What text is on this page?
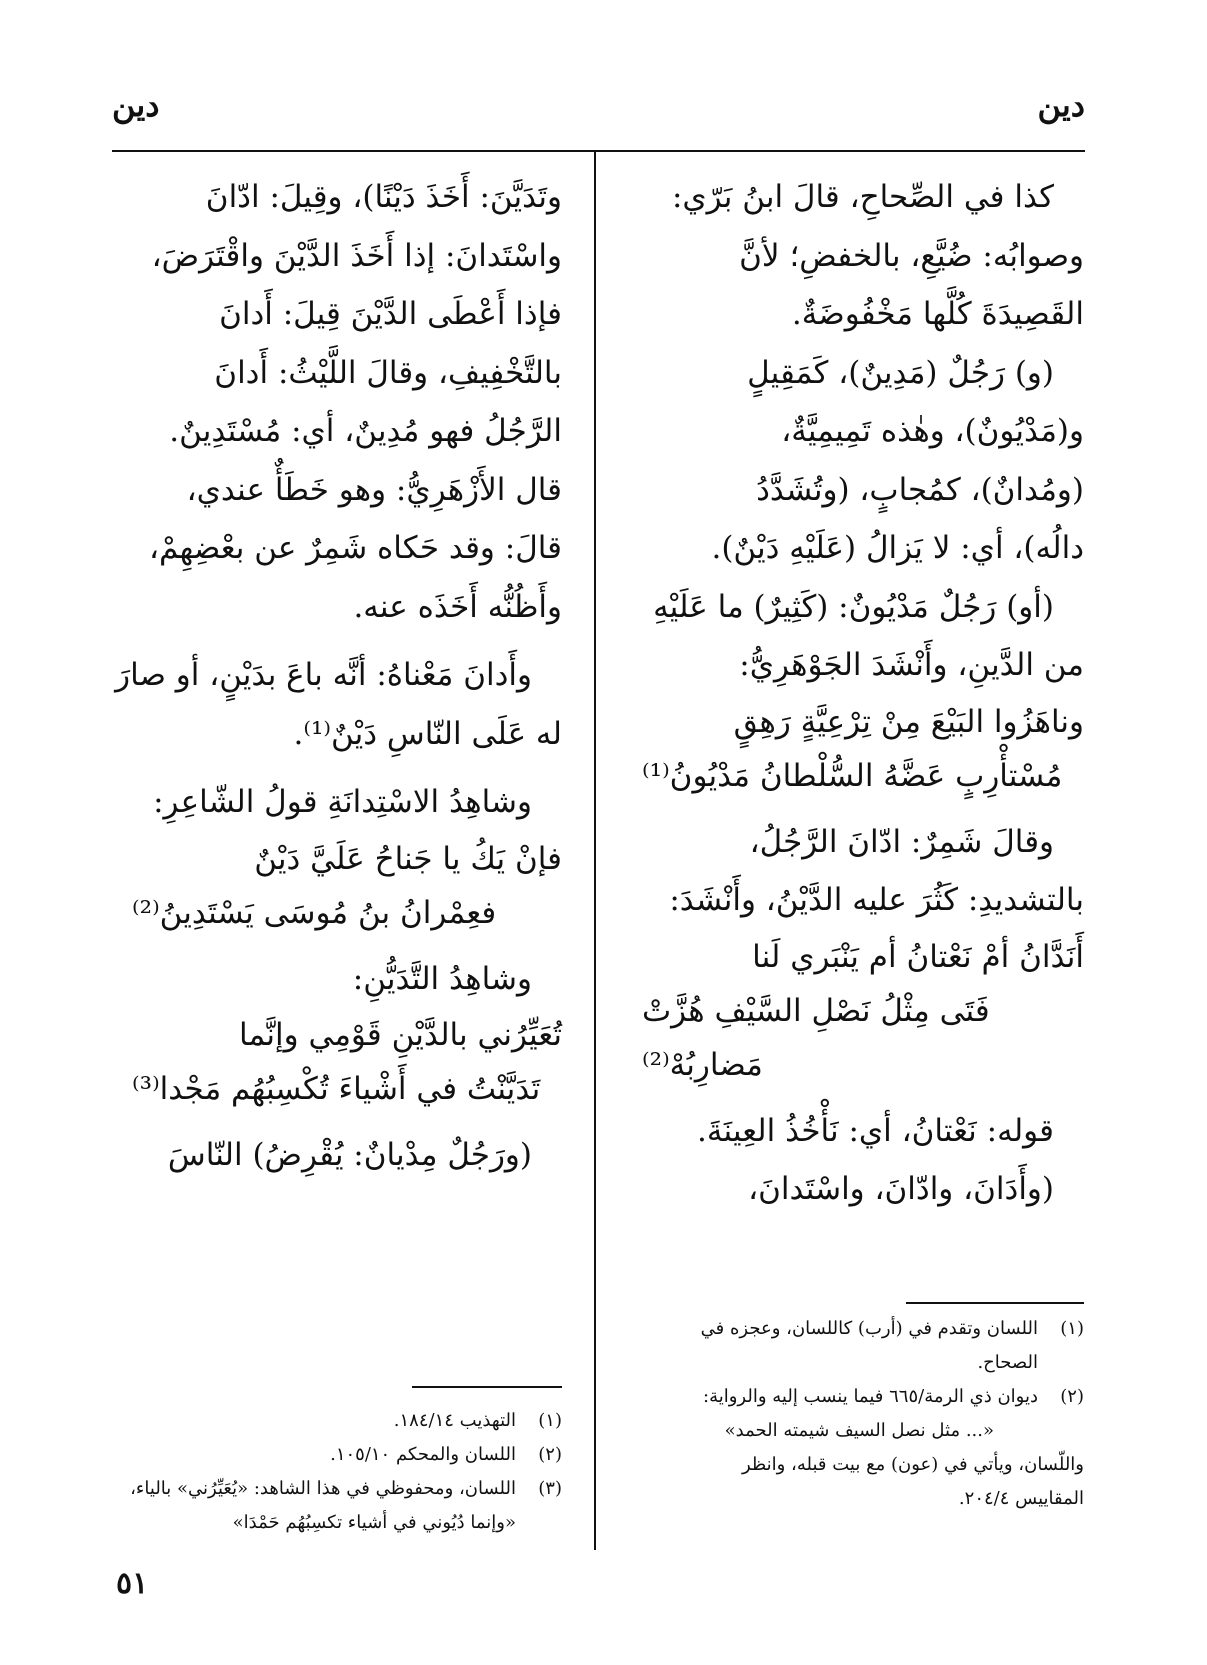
دين
دين

كذا في الصِّحاحِ، قالَ ابنُ بَرّي:

وصوابُه: ضُيَّعِ، بالخفضِ؛ لأنَّ

القَصِيدَةَ كُلَّها مَخْفُوضَةٌ.

(و) رَجُلٌ (مَدِينٌ)، كَمَقِيلٍ

و(مَدْيُونٌ)، وهٰذه تَمِيمِيَّةٌ،

(ومُدانٌ)، كمُجابٍ، (وتُشَدَّدُ

دالُه)، أي: لا يَزالُ (عَلَيْهِ دَيْنٌ).

(أو) رَجُلٌ مَدْيُونٌ: (كَثِيرٌ) ما عَلَيْهِ

من الدَّينِ، وأَنْشَدَ الجَوْهَرِيُّ:

وناهَزُوا البَيْعَ مِنْ تِرْعِيَّةٍ رَهِقٍ
مُسْتأْرِبٍ عَضَّهُ السُّلْطانُ مَدْيُونُ⁽¹⁾

وقالَ شَمِرٌ: ادّانَ الرَّجُلُ،

بالتشديدِ: كَثُرَ عليه الدَّيْنُ، وأَنْشَدَ:

أَنَدَّانُ أمْ نَعْتانُ أم يَنْبَري لَنا
فَتَى مِثْلُ نَصْلِ السَّيْفِ هُزَّتْ مَضارِبُهْ⁽²⁾

قوله: نَعْتانُ، أي: نَأْخُذُ العِينَةَ.

(وأَدَانَ، وادّانَ، واسْتَدانَ،

وتَدَيَّنَ: أَخَذَ دَيْنًا)، وقِيلَ: ادّانَ

واسْتَدانَ: إذا أَخَذَ الدَّيْنَ واقْتَرَضَ،

فإذا أَعْطَى الدَّيْنَ قِيلَ: أَدانَ

بالتَّخْفِيفِ، وقالَ اللَّيْثُ: أَدانَ

الرَّجُلُ فهو مُدِينٌ، أي: مُسْتَدِينٌ.

قال الأَزْهَرِيُّ: وهو خَطَأٌ عندي،

قالَ: وقد حَكاه شَمِرٌ عن بعْضِهِمْ،

وأَظُنُّه أَخَذَه عنه.

وأَدانَ مَعْناهُ: أنَّه باعَ بدَيْنٍ، أو صارَ

له عَلَى النّاسِ دَيْنٌ⁽¹⁾.

وشاهِدُ الاسْتِدانَةِ قولُ الشّاعِرِ:

فإنْ يَكُ يا جَناحُ عَلَيَّ دَيْنٌ
فعِمْرانُ بنُ مُوسَى يَسْتَدِينُ⁽²⁾

وشاهِدُ التَّدَيُّنِ:

تُعَيِّرُني بالدَّيْنِ قَوْمِي وإنَّما
تَدَيَّنْتُ في أَشْياءَ تُكْسِبُهُم مَجْدا⁽³⁾

(ورَجُلٌ مِدْيانٌ: يُقْرِضُ) النّاسَ

(١)اللسان وتقدم في (أرب) كاللسان، وعجزه في

الصحاح.

(٢)ديوان ذي الرمة/٦٦٥ فيما ينسب إليه والرواية:

«... مثل نصل السيف شيمته الحمد»

واللّسان، ويأتي في (عون) مع بيت قبله، وانظر

المقاييس ٢٠٤/٤.

(١)التهذيب ١٨٤/١٤.

(٢)اللسان والمحكم ١٠٥/١٠.

(٣)اللسان، ومحفوظي في هذا الشاهد: «يُعَيِّرُني» بالياء،

«وإنما دُيُوني في أشياء تكسِبُهُم حَمْدَا»

٥١
